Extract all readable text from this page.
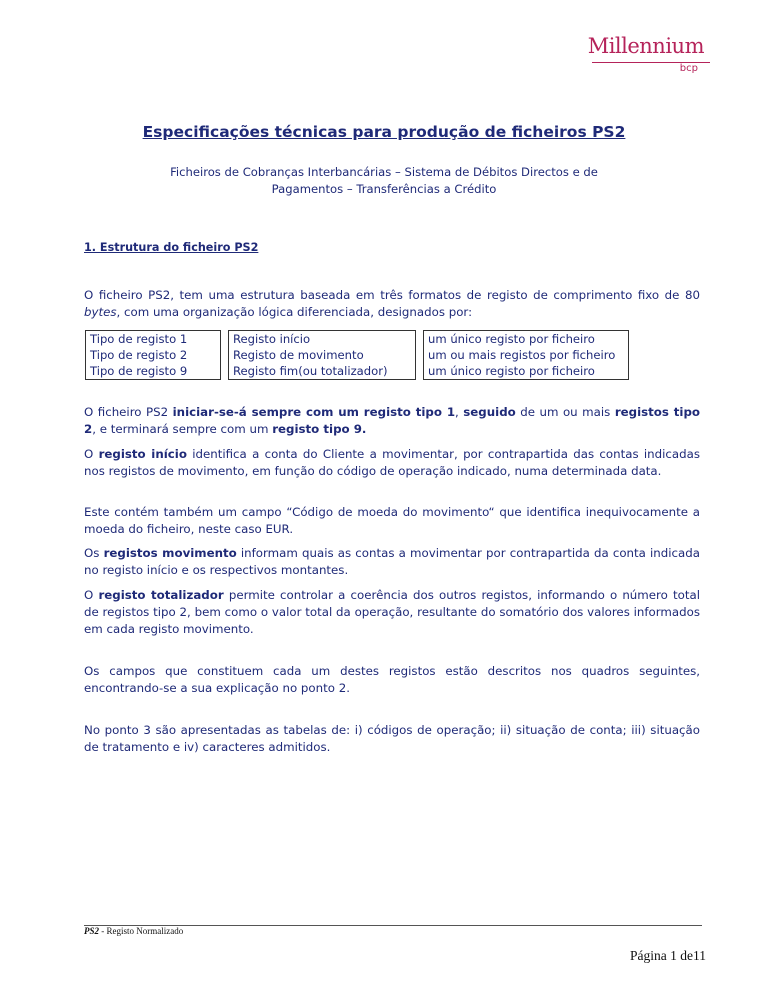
Millennium
bcp
Especificações técnicas para produção de ficheiros PS2
Ficheiros de Cobranças Interbancárias – Sistema de Débitos Directos e de Pagamentos – Transferências a Crédito
1. Estrutura do ficheiro PS2

O ficheiro PS2, tem uma estrutura baseada em três formatos de registo de comprimento fixo de 80 bytes, com uma organização lógica diferenciada, designados por:

Tipo de registo 1	Registo início	um único registo por ficheiro
Tipo de registo 2	Registo de movimento	um ou mais registos por ficheiro
Tipo de registo 9	Registo fim(ou totalizador)	um único registo por ficheiro

O ficheiro PS2 iniciar-se-á sempre com um registo tipo 1, seguido de um ou mais registos tipo 2, e terminará sempre com um registo tipo 9.

O registo início identifica a conta do Cliente a movimentar, por contrapartida das contas indicadas nos registos de movimento, em função do código de operação indicado, numa determinada data.

Este contém também um campo “Código de moeda do movimento“ que identifica inequivocamente a moeda do ficheiro, neste caso EUR.

Os registos movimento informam quais as contas a movimentar por contrapartida da conta indicada no registo início e os respectivos montantes.

O registo totalizador permite controlar a coerência dos outros registos, informando o número total de registos tipo 2, bem como o valor total da operação, resultante do somatório dos valores informados em cada registo movimento.

Os campos que constituem cada um destes registos estão descritos nos quadros seguintes, encontrando-se a sua explicação no ponto 2.

No ponto 3 são apresentadas as tabelas de: i) códigos de operação; ii) situação de conta; iii) situação de tratamento e iv) caracteres admitidos.

PS2 - Registo Normalizado
Página 1 de11
